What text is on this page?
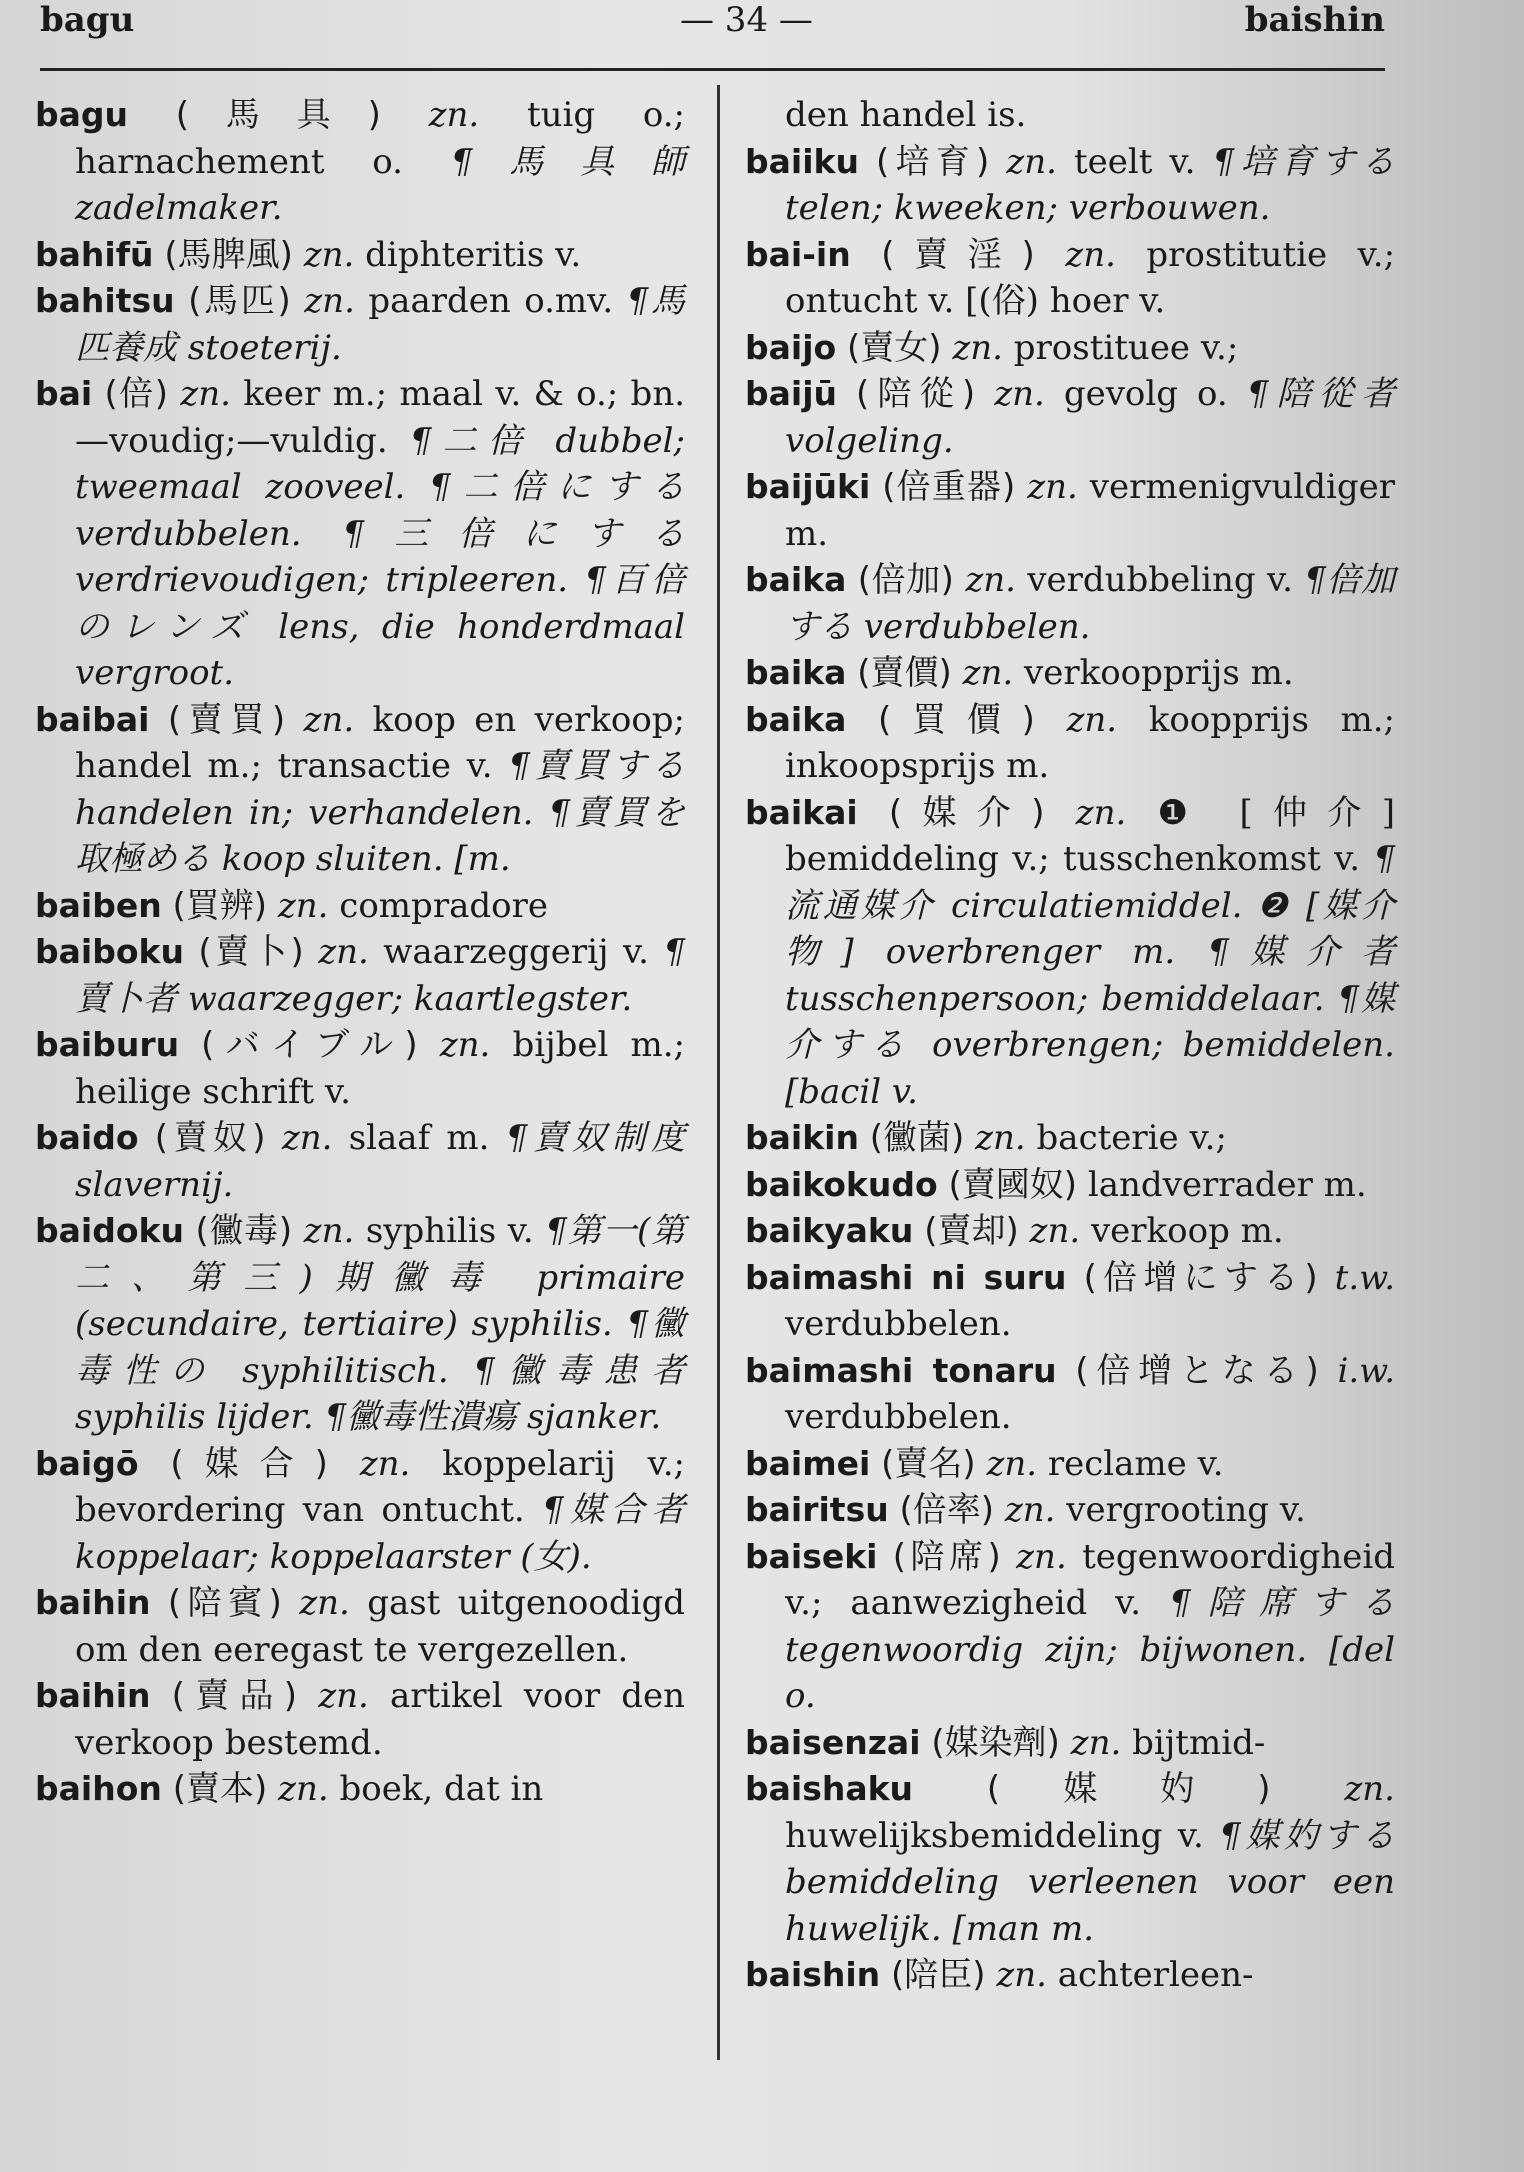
bagu	— 34 —	baishin

bagu (馬具) zn. tuig o.; harnachement o. ¶馬具師 zadelmaker.

bahifū (馬脾風) zn. diphteritis v.

bahitsu (馬匹) zn. paarden o.mv. ¶馬匹養成 stoeterij.

bai (倍) zn. keer m.; maal v. & o.; bn.—voudig;—vuldig. ¶二倍 dubbel; tweemaal zooveel. ¶二倍にする verdubbelen. ¶三倍にする verdrievoudigen; tripleeren. ¶百倍のレンズ lens, die honderdmaal vergroot.

baibai (賣買) zn. koop en verkoop; handel m.; transactie v. ¶賣買する handelen in; verhandelen. ¶賣買を取極める koop sluiten. [m.

baiben (買辨) zn. compradore

baiboku (賣卜) zn. waarzeggerij v. ¶賣卜者 waarzegger; kaartlegster.

baiburu (バイブル) zn. bijbel m.; heilige schrift v.

baido (賣奴) zn. slaaf m. ¶賣奴制度 slavernij.

baidoku (黴毒) zn. syphilis v. ¶第一(第二、第三)期黴毒 primaire (secundaire, tertiaire) syphilis. ¶黴毒性の syphilitisch. ¶黴毒患者 syphilis lijder. ¶黴毒性潰瘍 sjanker.

baigō (媒合) zn. koppelarij v.; bevordering van ontucht. ¶媒合者 koppelaar; koppelaarster (女).

baihin (陪賓) zn. gast uitgenoodigd om den eeregast te vergezellen.

baihin (賣品) zn. artikel voor den verkoop bestemd.

baihon (賣本) zn. boek, dat in

den handel is.

baiiku (培育) zn. teelt v. ¶培育する telen; kweeken; verbouwen.

bai-in (賣淫) zn. prostitutie v.; ontucht v. [(俗) hoer v.

baijo (賣女) zn. prostituee v.;

baijū (陪從) zn. gevolg o. ¶陪從者 volgeling.

baijūki (倍重器) zn. vermenigvuldiger m.

baika (倍加) zn. verdubbeling v. ¶倍加する verdubbelen.

baika (賣價) zn. verkoopprijs m.

baika (買價) zn. koopprijs m.; inkoopsprijs m.

baikai (媒介) zn. ❶ [仲介] bemiddeling v.; tusschenkomst v. ¶流通媒介 circulatiemiddel. ❷ [媒介物] overbrenger m. ¶媒介者 tusschenpersoon; bemiddelaar. ¶媒介する overbrengen; bemiddelen. [bacil v.

baikin (黴菌) zn. bacterie v.;

baikokudo (賣國奴) landverrader m.

baikyaku (賣却) zn. verkoop m.

baimashi ni suru (倍增にする) t.w. verdubbelen.

baimashi tonaru (倍增となる) i.w. verdubbelen.

baimei (賣名) zn. reclame v.

bairitsu (倍率) zn. vergrooting v.

baiseki (陪席) zn. tegenwoordigheid v.; aanwezigheid v. ¶陪席する tegenwoordig zijn; bijwonen. [del o.

baisenzai (媒染劑) zn. bijtmid-

baishaku (媒妁) zn. huwelijksbemiddeling v. ¶媒妁する bemiddeling verleenen voor een huwelijk. [man m.

baishin (陪臣) zn. achterleen-
